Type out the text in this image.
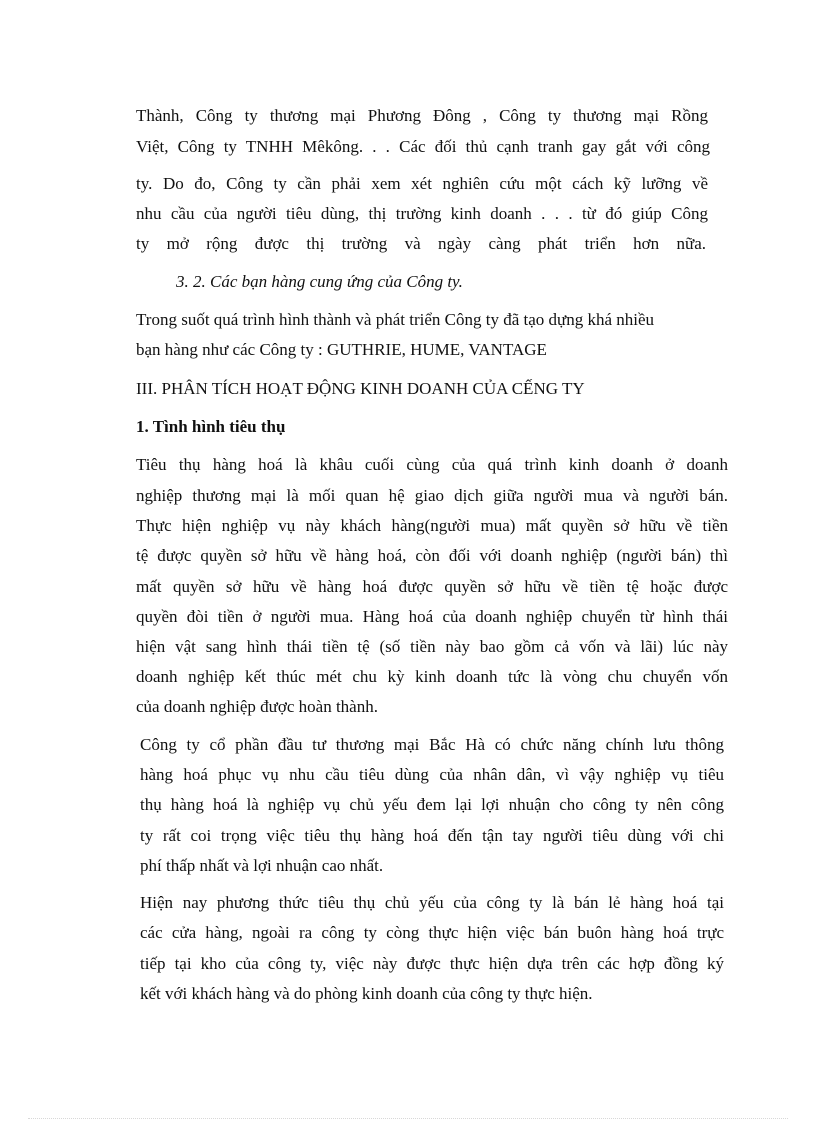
Thành, Công ty thương mại Phương Đông , Công ty thương mại Rồng
Việt, Công ty TNHH Mêkông. . . Các đối thủ cạnh tranh gay gắt với công
ty. Do đo, Công ty cần phải xem xét nghiên cứu một cách kỹ lưỡng về
nhu cầu của người tiêu dùng, thị trường kinh doanh . . . từ đó giúp Công
ty mở rộng được thị trường và ngày càng phát triển hơn nữa.
3. 2. Các bạn hàng cung ứng của Công ty.
Trong suốt quá trình hình thành và phát triển Công ty đã tạo dựng khá nhiều
bạn hàng như các Công ty : GUTHRIE, HUME, VANTAGE
III. PHÂN TÍCH HOẠT ĐỘNG KINH DOANH CỦA CẾNG TY
1. Tình hình tiêu thụ
Tiêu thụ hàng hoá là khâu cuối cùng của quá trình kinh doanh ở doanh
nghiệp thương mại là mối quan hệ giao dịch giữa người mua và người bán.
Thực hiện nghiệp vụ này khách hàng(người mua) mất quyền sở hữu về tiền
tệ được quyền sở hữu về hàng hoá, còn đối với doanh nghiệp (người bán) thì
mất quyền sở hữu về hàng hoá được quyền sở hữu về tiền tệ hoặc được
quyền đòi tiền ở người mua. Hàng hoá của doanh nghiệp chuyển từ hình thái
hiện vật sang hình thái tiền tệ (số tiền này bao gồm cả vốn và lãi) lúc này
doanh nghiệp kết thúc mét chu kỳ kinh doanh tức là vòng chu chuyển vốn
của doanh nghiệp được hoàn thành.
Công ty cổ phần đầu tư thương mại Bắc Hà có chức năng chính lưu thông
hàng hoá phục vụ nhu cầu tiêu dùng của nhân dân, vì vậy nghiệp vụ tiêu
thụ hàng hoá là nghiệp vụ chủ yếu đem lại lợi nhuận cho công ty nên công
ty rất coi trọng việc tiêu thụ hàng hoá đến tận tay người tiêu dùng với chi
phí thấp nhất và lợi nhuận cao nhất.
Hiện nay phương thức tiêu thụ chủ yếu của công ty là bán lẻ hàng hoá tại
các cửa hàng, ngoài ra công ty còng thực hiện việc bán buôn hàng hoá trực
tiếp tại kho của công ty, việc này được thực hiện dựa trên các hợp đồng ký
kết với khách hàng và do phòng kinh doanh của công ty thực hiện.
